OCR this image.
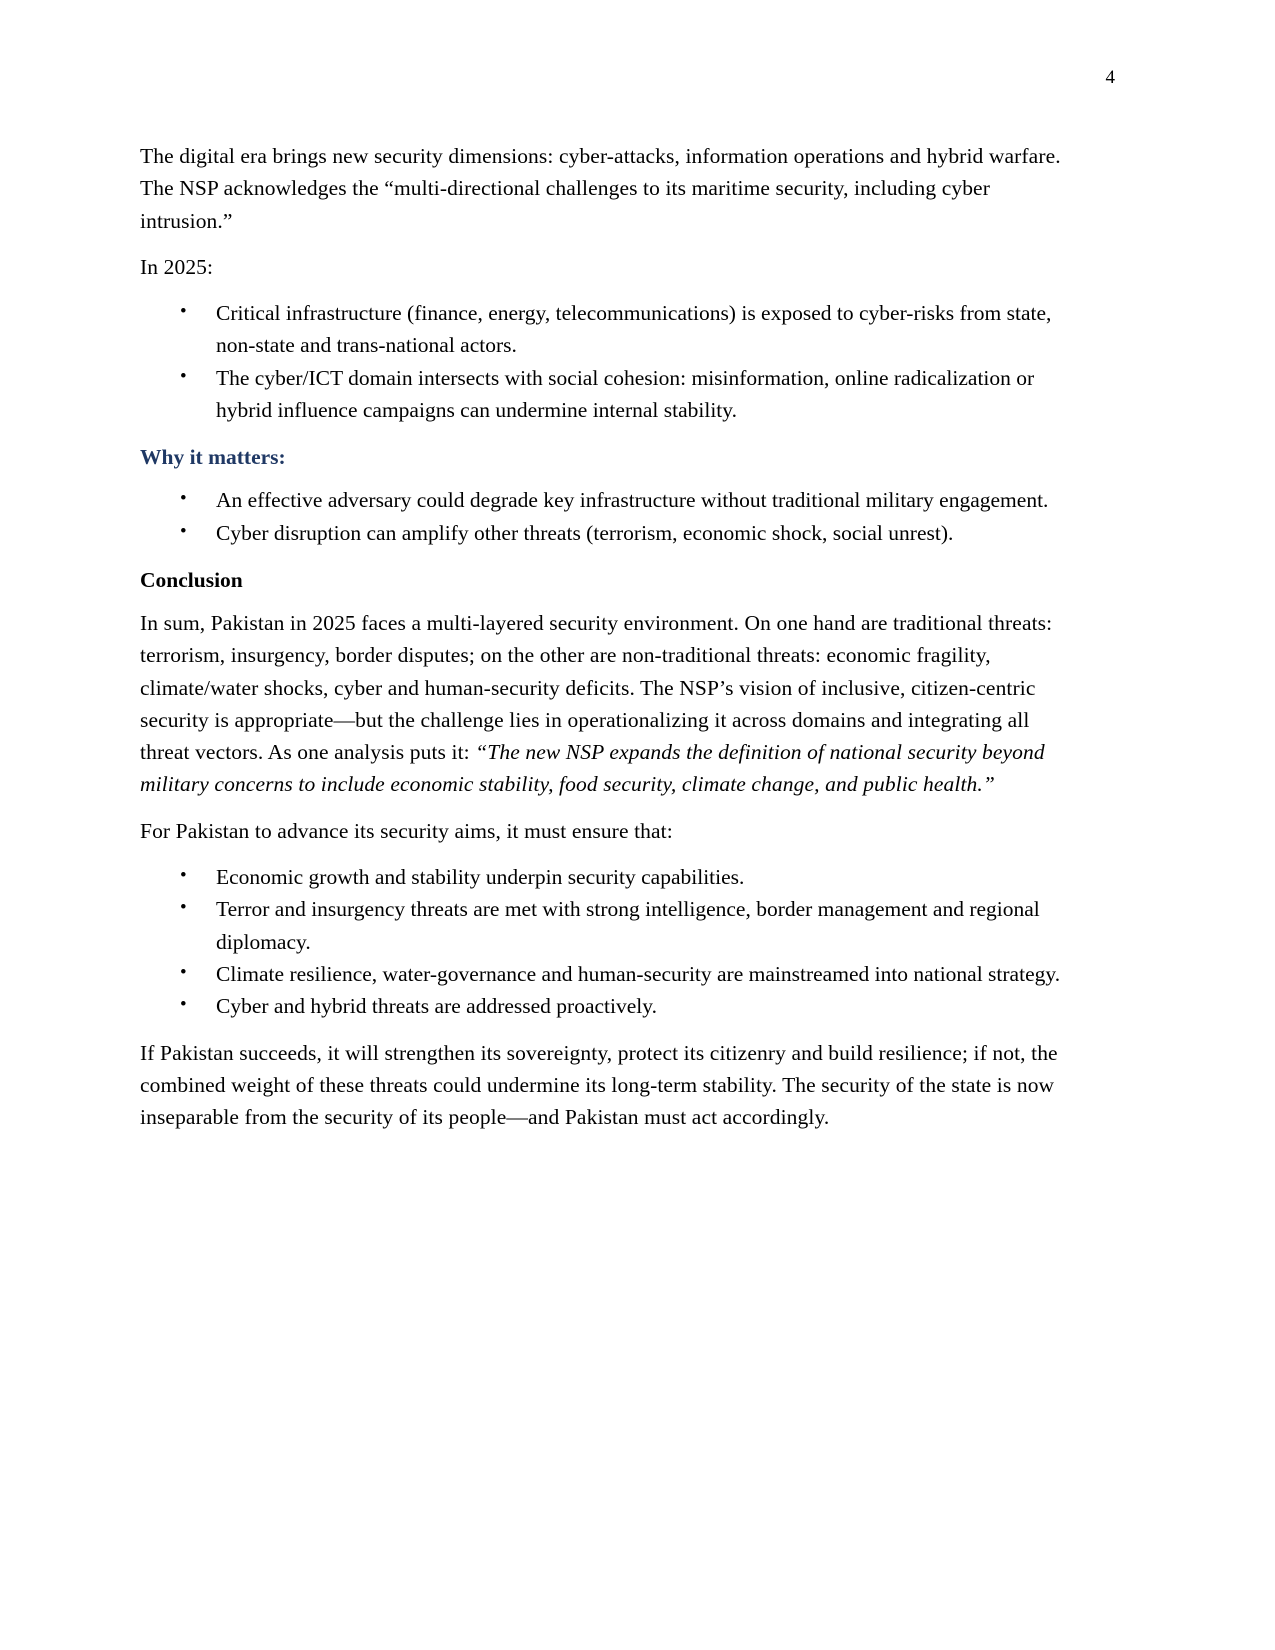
4

The digital era brings new security dimensions: cyber-attacks, information operations and hybrid warfare. The NSP acknowledges the “multi-directional challenges to its maritime security, including cyber intrusion.”

In 2025:

• Critical infrastructure (finance, energy, telecommunications) is exposed to cyber-risks from state, non-state and trans-national actors.
• The cyber/ICT domain intersects with social cohesion: misinformation, online radicalization or hybrid influence campaigns can undermine internal stability.
Why it matters:
• An effective adversary could degrade key infrastructure without traditional military engagement.
• Cyber disruption can amplify other threats (terrorism, economic shock, social unrest).
Conclusion

In sum, Pakistan in 2025 faces a multi-layered security environment. On one hand are traditional threats: terrorism, insurgency, border disputes; on the other are non-traditional threats: economic fragility, climate/water shocks, cyber and human-security deficits. The NSP’s vision of inclusive, citizen-centric security is appropriate—but the challenge lies in operationalizing it across domains and integrating all threat vectors. As one analysis puts it: “The new NSP expands the definition of national security beyond military concerns to include economic stability, food security, climate change, and public health.”

For Pakistan to advance its security aims, it must ensure that:

• Economic growth and stability underpin security capabilities.
• Terror and insurgency threats are met with strong intelligence, border management and regional diplomacy.
• Climate resilience, water-governance and human-security are mainstreamed into national strategy.
• Cyber and hybrid threats are addressed proactively.

If Pakistan succeeds, it will strengthen its sovereignty, protect its citizenry and build resilience; if not, the combined weight of these threats could undermine its long-term stability. The security of the state is now inseparable from the security of its people—and Pakistan must act accordingly.
